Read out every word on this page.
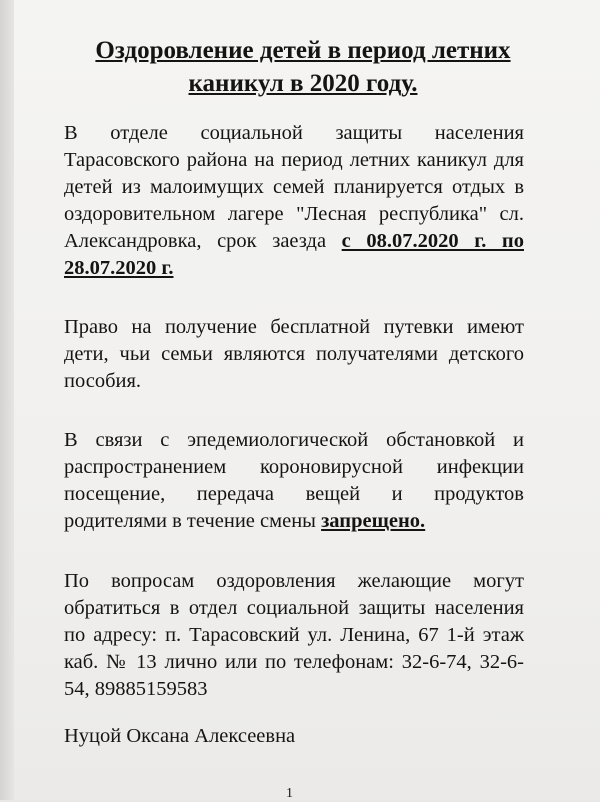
Оздоровление детей в период летних каникул в 2020 году.
В отделе социальной защиты населения Тарасовского района на период летних каникул для детей из малоимущих семей планируется отдых в оздоровительном лагере "Лесная республика" сл. Александровка, срок заезда с 08.07.2020 г. по 28.07.2020 г.
Право на получение бесплатной путевки имеют дети, чьи семьи являются получателями детского пособия.
В связи с эпедемиологической обстановкой и распространением короновирусной инфекции посещение, передача вещей и продуктов родителями в течение смены запрещено.
По вопросам оздоровления желающие могут обратиться в отдел социальной защиты населения по адресу: п. Тарасовский ул. Ленина, 67 1-й этаж каб. № 13 лично или по телефонам: 32-6-74, 32-6-54, 89885159583
Нуцой Оксана Алексеевна
1
